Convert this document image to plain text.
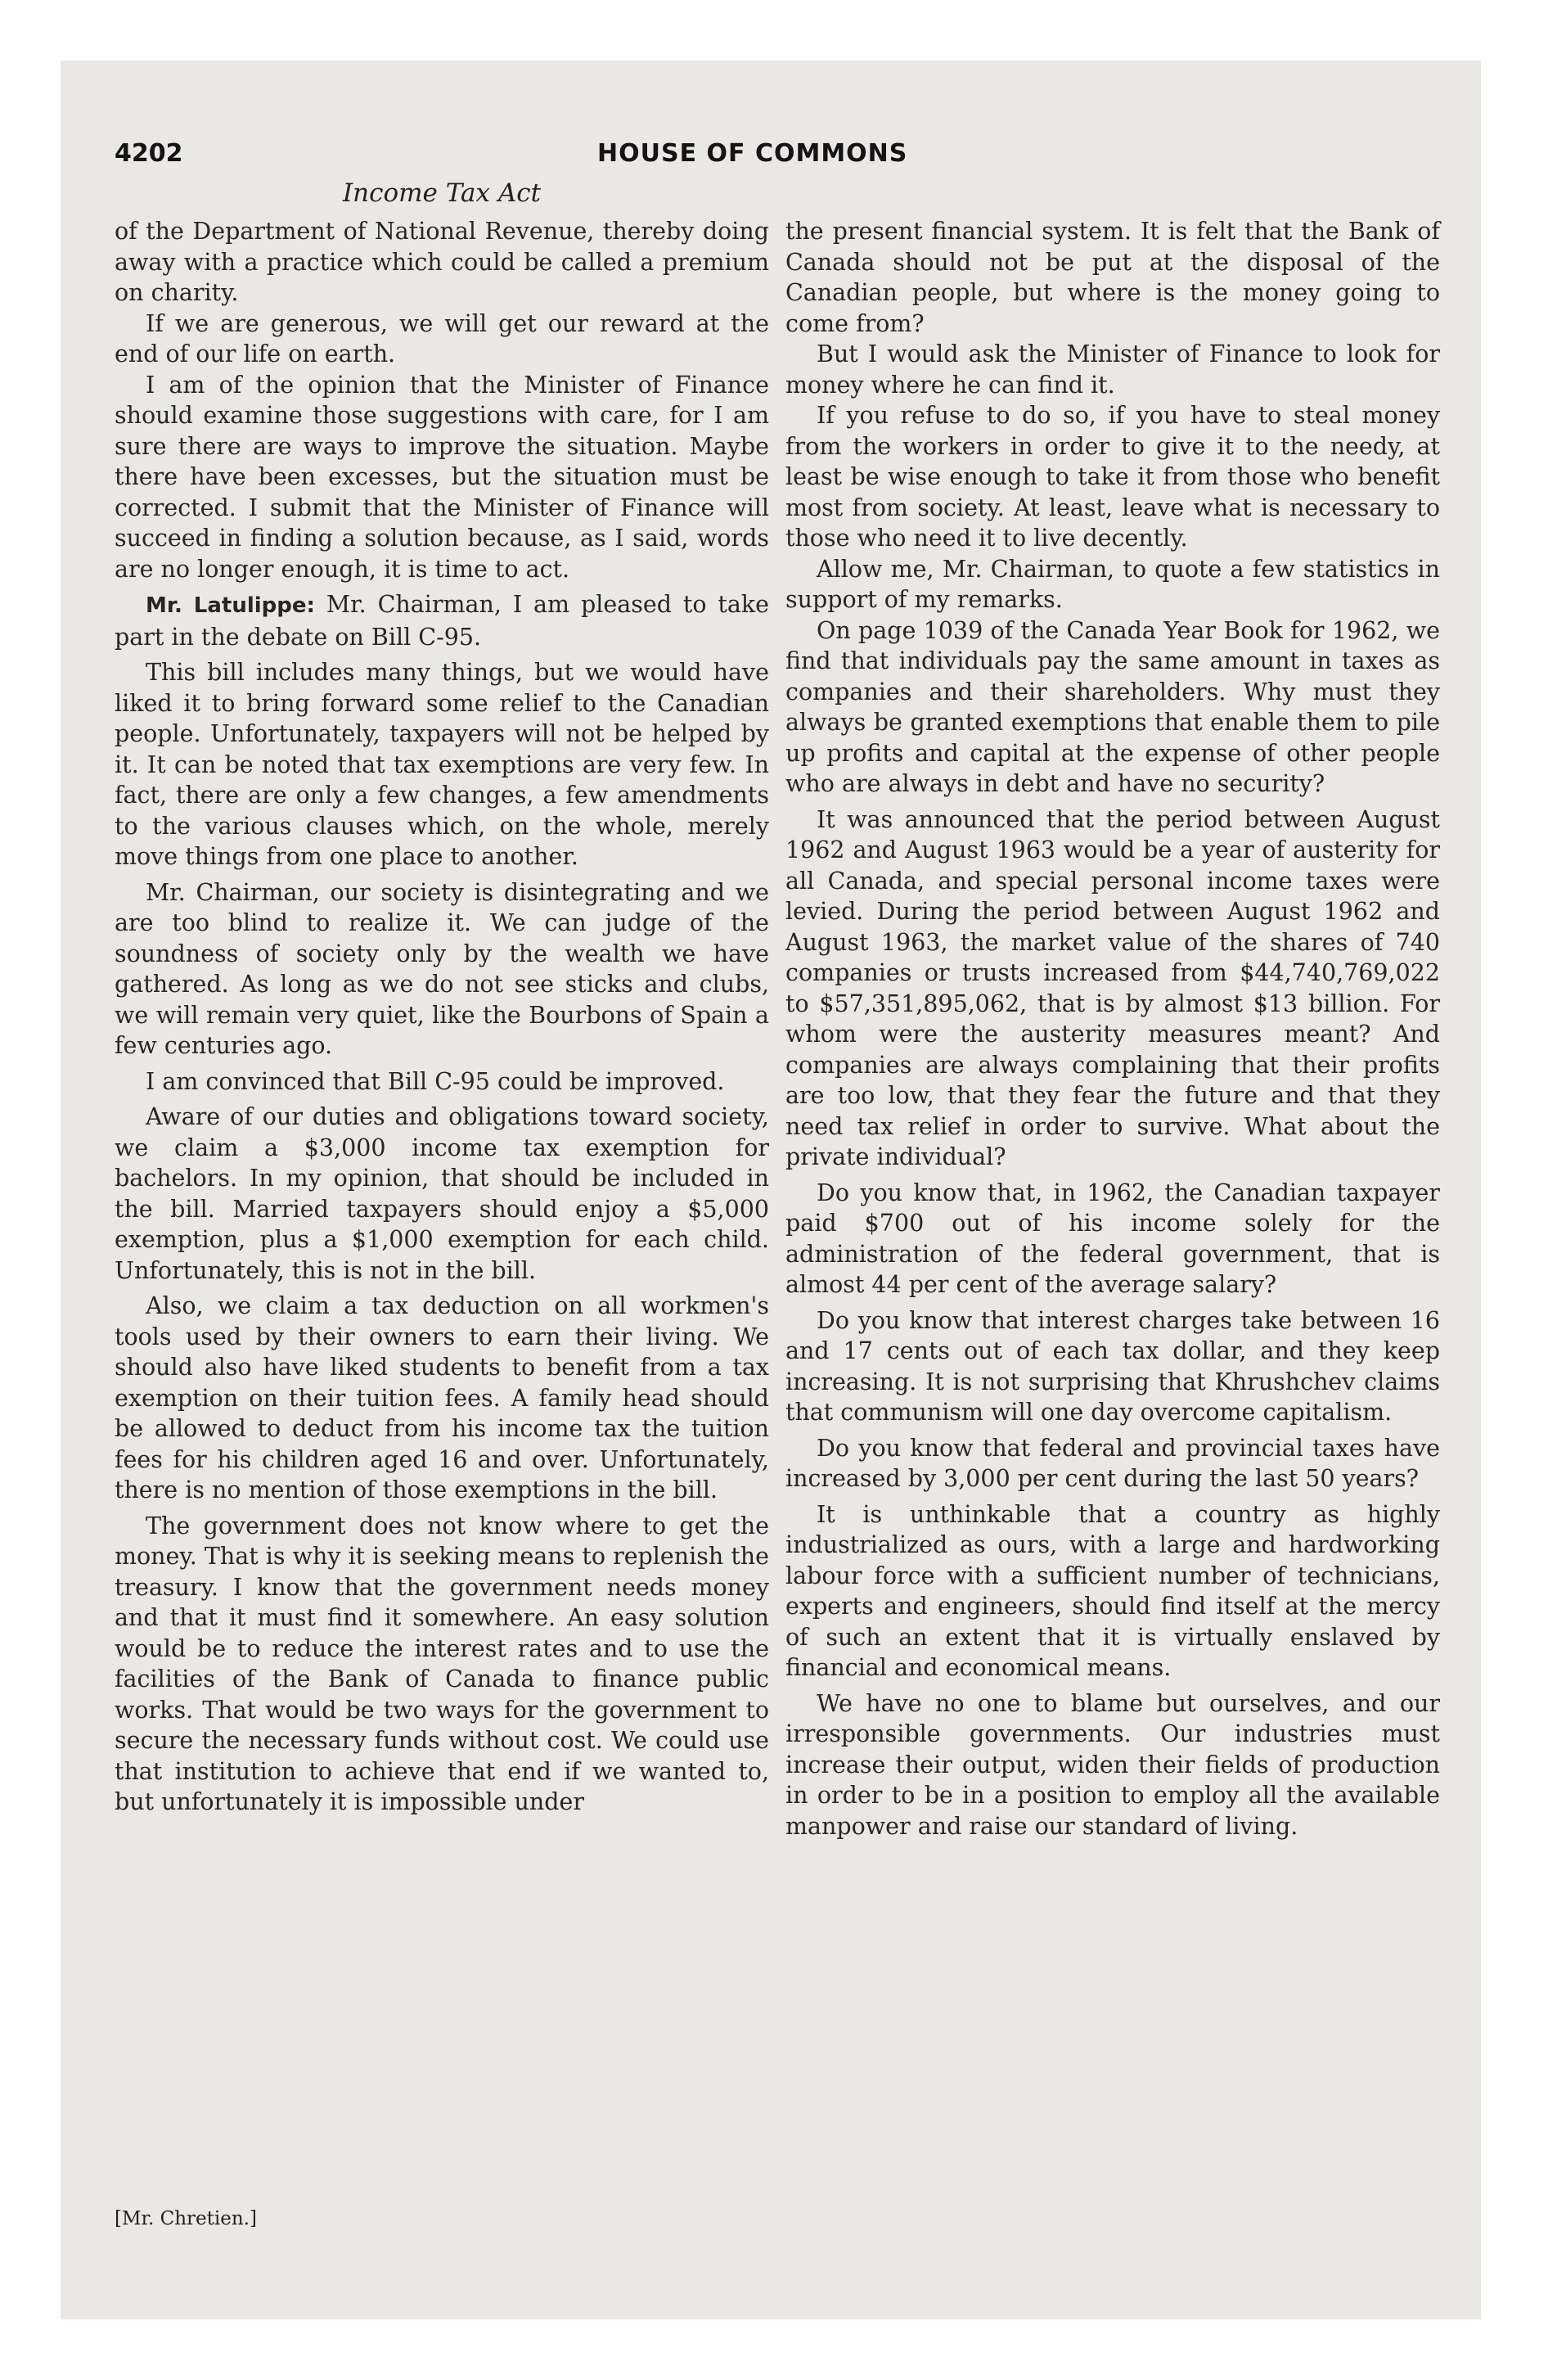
4202	HOUSE OF COMMONS
Income Tax Act

of the Department of National Revenue, thereby doing away with a practice which could be called a premium on charity.

If we are generous, we will get our reward at the end of our life on earth.

I am of the opinion that the Minister of Finance should examine those suggestions with care, for I am sure there are ways to improve the situation. Maybe there have been excesses, but the situation must be corrected. I submit that the Minister of Finance will succeed in finding a solution because, as I said, words are no longer enough, it is time to act.

Mr. Latulippe: Mr. Chairman, I am pleased to take part in the debate on Bill C-95.

This bill includes many things, but we would have liked it to bring forward some relief to the Canadian people. Unfortunately, taxpayers will not be helped by it. It can be noted that tax exemptions are very few. In fact, there are only a few changes, a few amendments to the various clauses which, on the whole, merely move things from one place to another.

Mr. Chairman, our society is disintegrating and we are too blind to realize it. We can judge of the soundness of society only by the wealth we have gathered. As long as we do not see sticks and clubs, we will remain very quiet, like the Bourbons of Spain a few centuries ago.

I am convinced that Bill C-95 could be improved.

Aware of our duties and obligations toward society, we claim a $3,000 income tax exemption for bachelors. In my opinion, that should be included in the bill. Married taxpayers should enjoy a $5,000 exemption, plus a $1,000 exemption for each child. Unfortunately, this is not in the bill.

Also, we claim a tax deduction on all workmen's tools used by their owners to earn their living. We should also have liked students to benefit from a tax exemption on their tuition fees. A family head should be allowed to deduct from his income tax the tuition fees for his children aged 16 and over. Unfortunately, there is no mention of those exemptions in the bill.

The government does not know where to get the money. That is why it is seeking means to replenish the treasury. I know that the government needs money and that it must find it somewhere. An easy solution would be to reduce the interest rates and to use the facilities of the Bank of Canada to finance public works. That would be two ways for the government to secure the necessary funds without cost. We could use that institution to achieve that end if we wanted to, but unfortunately it is impossible under

the present financial system. It is felt that the Bank of Canada should not be put at the disposal of the Canadian people, but where is the money going to come from?

But I would ask the Minister of Finance to look for money where he can find it.

If you refuse to do so, if you have to steal money from the workers in order to give it to the needy, at least be wise enough to take it from those who benefit most from society. At least, leave what is necessary to those who need it to live decently.

Allow me, Mr. Chairman, to quote a few statistics in support of my remarks.

On page 1039 of the Canada Year Book for 1962, we find that individuals pay the same amount in taxes as companies and their shareholders. Why must they always be granted exemptions that enable them to pile up profits and capital at the expense of other people who are always in debt and have no security?

It was announced that the period between August 1962 and August 1963 would be a year of austerity for all Canada, and special personal income taxes were levied. During the period between August 1962 and August 1963, the market value of the shares of 740 companies or trusts increased from $44,740,769,022 to $57,351,895,062, that is by almost $13 billion. For whom were the austerity measures meant? And companies are always complaining that their profits are too low, that they fear the future and that they need tax relief in order to survive. What about the private individual?

Do you know that, in 1962, the Canadian taxpayer paid $700 out of his income solely for the administration of the federal government, that is almost 44 per cent of the average salary?

Do you know that interest charges take between 16 and 17 cents out of each tax dollar, and they keep increasing. It is not surprising that Khrushchev claims that communism will one day overcome capitalism.

Do you know that federal and provincial taxes have increased by 3,000 per cent during the last 50 years?

It is unthinkable that a country as highly industrialized as ours, with a large and hardworking labour force with a sufficient number of technicians, experts and engineers, should find itself at the mercy of such an extent that it is virtually enslaved by financial and economical means.

We have no one to blame but ourselves, and our irresponsible governments. Our industries must increase their output, widen their fields of production in order to be in a position to employ all the available manpower and raise our standard of living.

[Mr. Chretien.]
